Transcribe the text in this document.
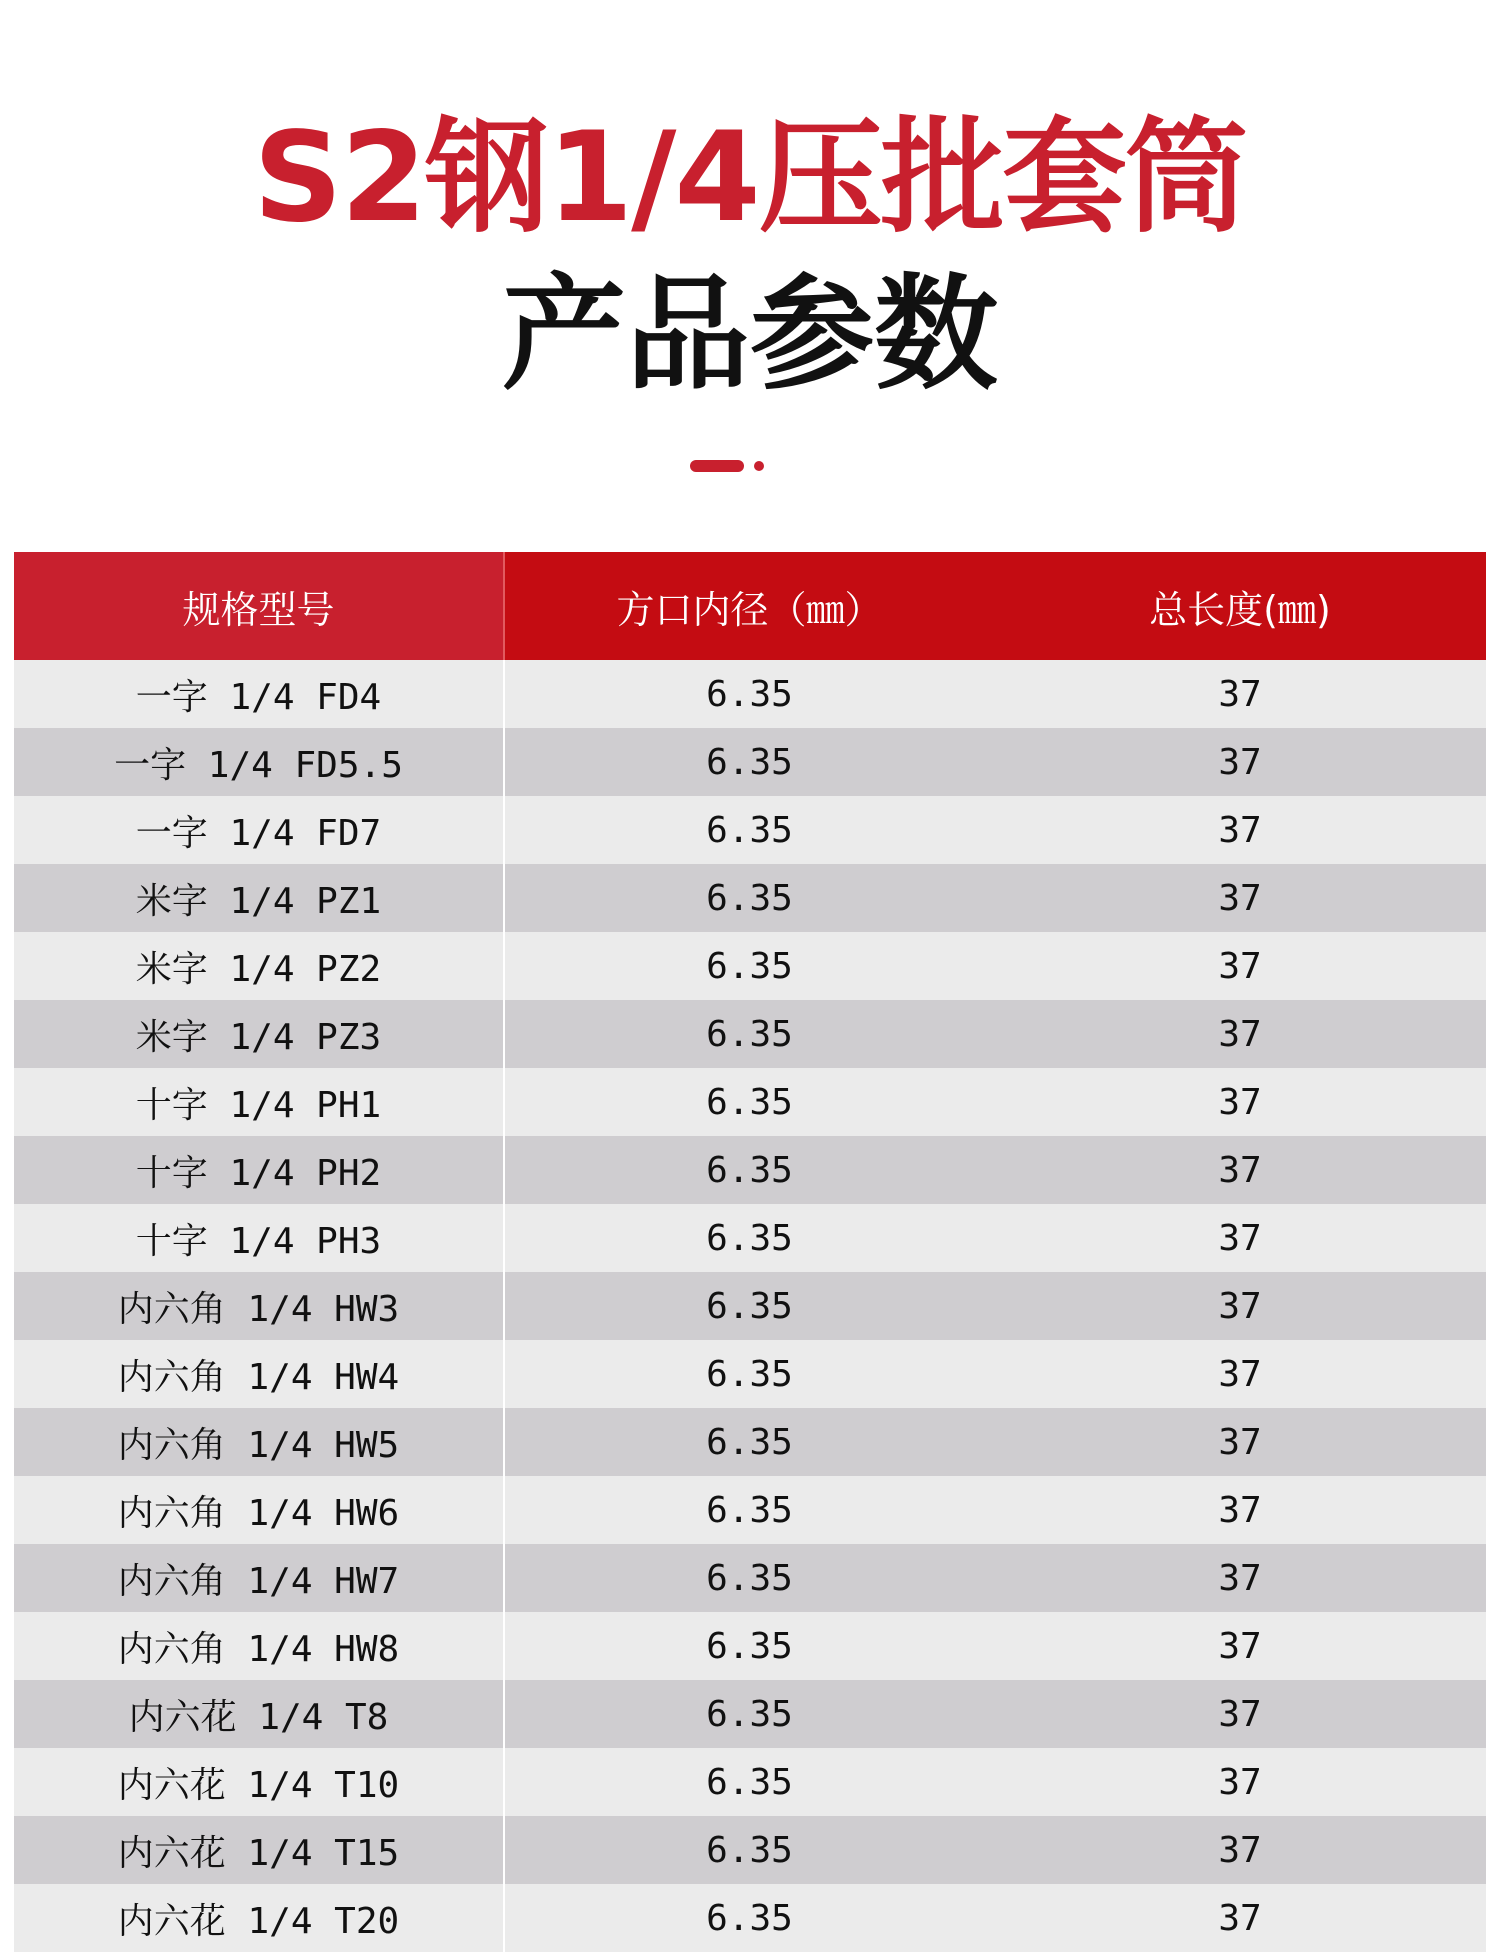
S2钢1/4压批套筒
产品参数
规格型号	方口内径（㎜）	总长度(㎜)
一字 1/4 FD4	6.35	37
一字 1/4 FD5.5	6.35	37
一字 1/4 FD7	6.35	37
米字 1/4 PZ1	6.35	37
米字 1/4 PZ2	6.35	37
米字 1/4 PZ3	6.35	37
十字 1/4 PH1	6.35	37
十字 1/4 PH2	6.35	37
十字 1/4 PH3	6.35	37
内六角 1/4 HW3	6.35	37
内六角 1/4 HW4	6.35	37
内六角 1/4 HW5	6.35	37
内六角 1/4 HW6	6.35	37
内六角 1/4 HW7	6.35	37
内六角 1/4 HW8	6.35	37
内六花 1/4 T8	6.35	37
内六花 1/4 T10	6.35	37
内六花 1/4 T15	6.35	37
内六花 1/4 T20	6.35	37
